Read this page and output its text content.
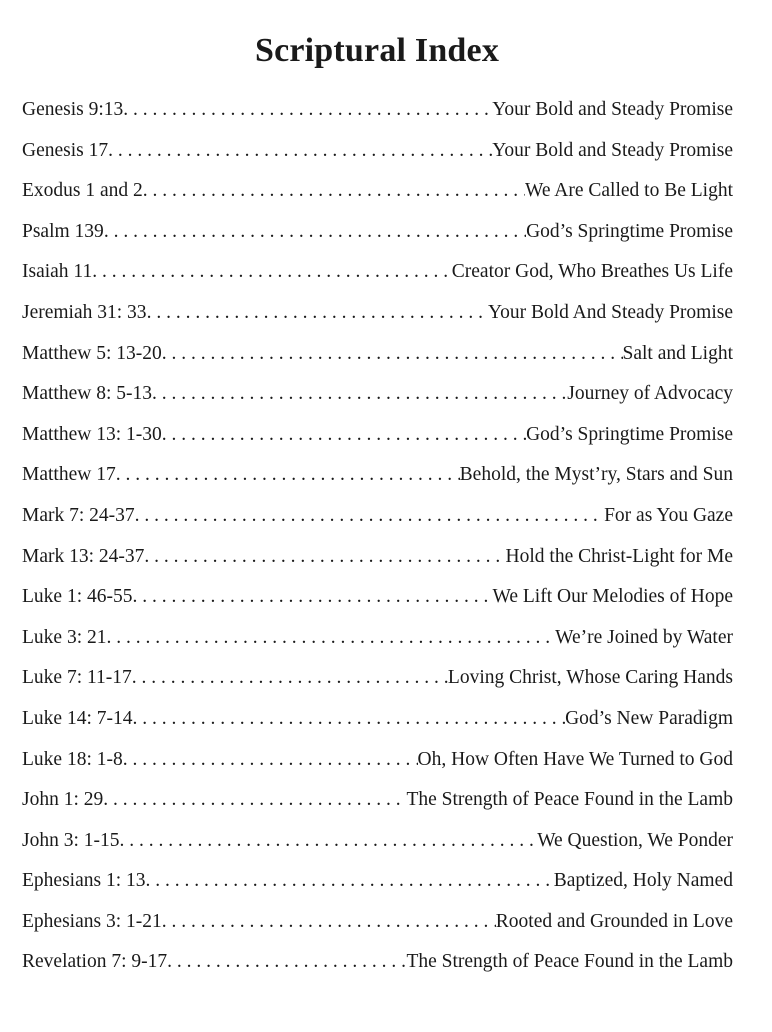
Scriptural Index
Genesis 9:13 . . .	Your Bold and Steady Promise
Genesis 17 . . .	Your Bold and Steady Promise
Exodus 1 and 2 . . .	We Are Called to Be Light
Psalm 139 . . .	God’s Springtime Promise
Isaiah 11 . . .	Creator God, Who Breathes Us Life
Jeremiah 31: 33 . . .	Your Bold And Steady Promise
Matthew 5: 13-20 . . .	Salt and Light
Matthew 8: 5-13 . . .	Journey of Advocacy
Matthew 13: 1-30 . . .	God’s Springtime Promise
Matthew 17 . . .	Behold, the Myst’ry, Stars and Sun
Mark 7: 24-37 . . .	For as You Gaze
Mark 13: 24-37 . . .	Hold the Christ-Light for Me
Luke 1: 46-55 . . .	We Lift Our Melodies of Hope
Luke 3: 21 . . .	We’re Joined by Water
Luke 7: 11-17 . . .	Loving Christ, Whose Caring Hands
Luke 14: 7-14 . . .	God’s New Paradigm
Luke 18: 1-8 . . .	Oh, How Often Have We Turned to God
John 1: 29 . . .	The Strength of Peace Found in the Lamb
John 3: 1-15 . . .	We Question, We Ponder
Ephesians 1: 13 . . .	Baptized, Holy Named
Ephesians 3: 1-21 . . .	Rooted and Grounded in Love
Revelation 7: 9-17 . . .	The Strength of Peace Found in the Lamb
